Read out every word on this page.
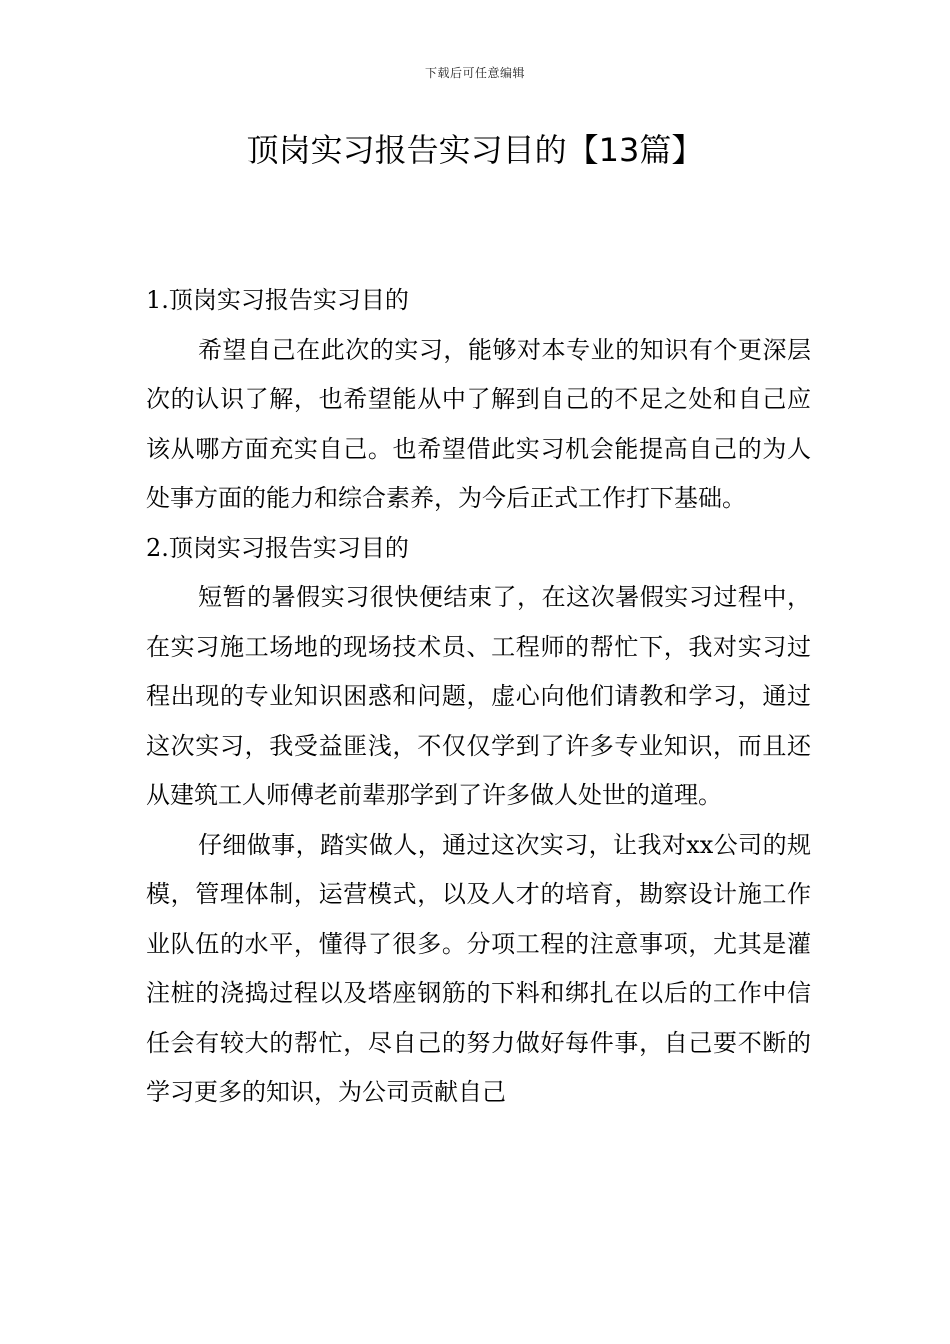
下载后可任意编辑
顶岗实习报告实习目的【13篇】

1.顶岗实习报告实习目的

希望自己在此次的实习，能够对本专业的知识有个更深层次的认识了解，也希望能从中了解到自己的不足之处和自己应该从哪方面充实自己。也希望借此实习机会能提高自己的为人处事方面的能力和综合素养，为今后正式工作打下基础。

2.顶岗实习报告实习目的

短暂的暑假实习很快便结束了，在这次暑假实习过程中，在实习施工场地的现场技术员、工程师的帮忙下，我对实习过程出现的专业知识困惑和问题，虚心向他们请教和学习，通过这次实习，我受益匪浅，不仅仅学到了许多专业知识，而且还从建筑工人师傅老前辈那学到了许多做人处世的道理。

仔细做事，踏实做人，通过这次实习，让我对xx公司的规模，管理体制，运营模式，以及人才的培育，勘察设计施工作业队伍的水平，懂得了很多。分项工程的注意事项，尤其是灌注桩的浇捣过程以及塔座钢筋的下料和绑扎在以后的工作中信任会有较大的帮忙，尽自己的努力做好每件事，自己要不断的学习更多的知识，为公司贡献自己
